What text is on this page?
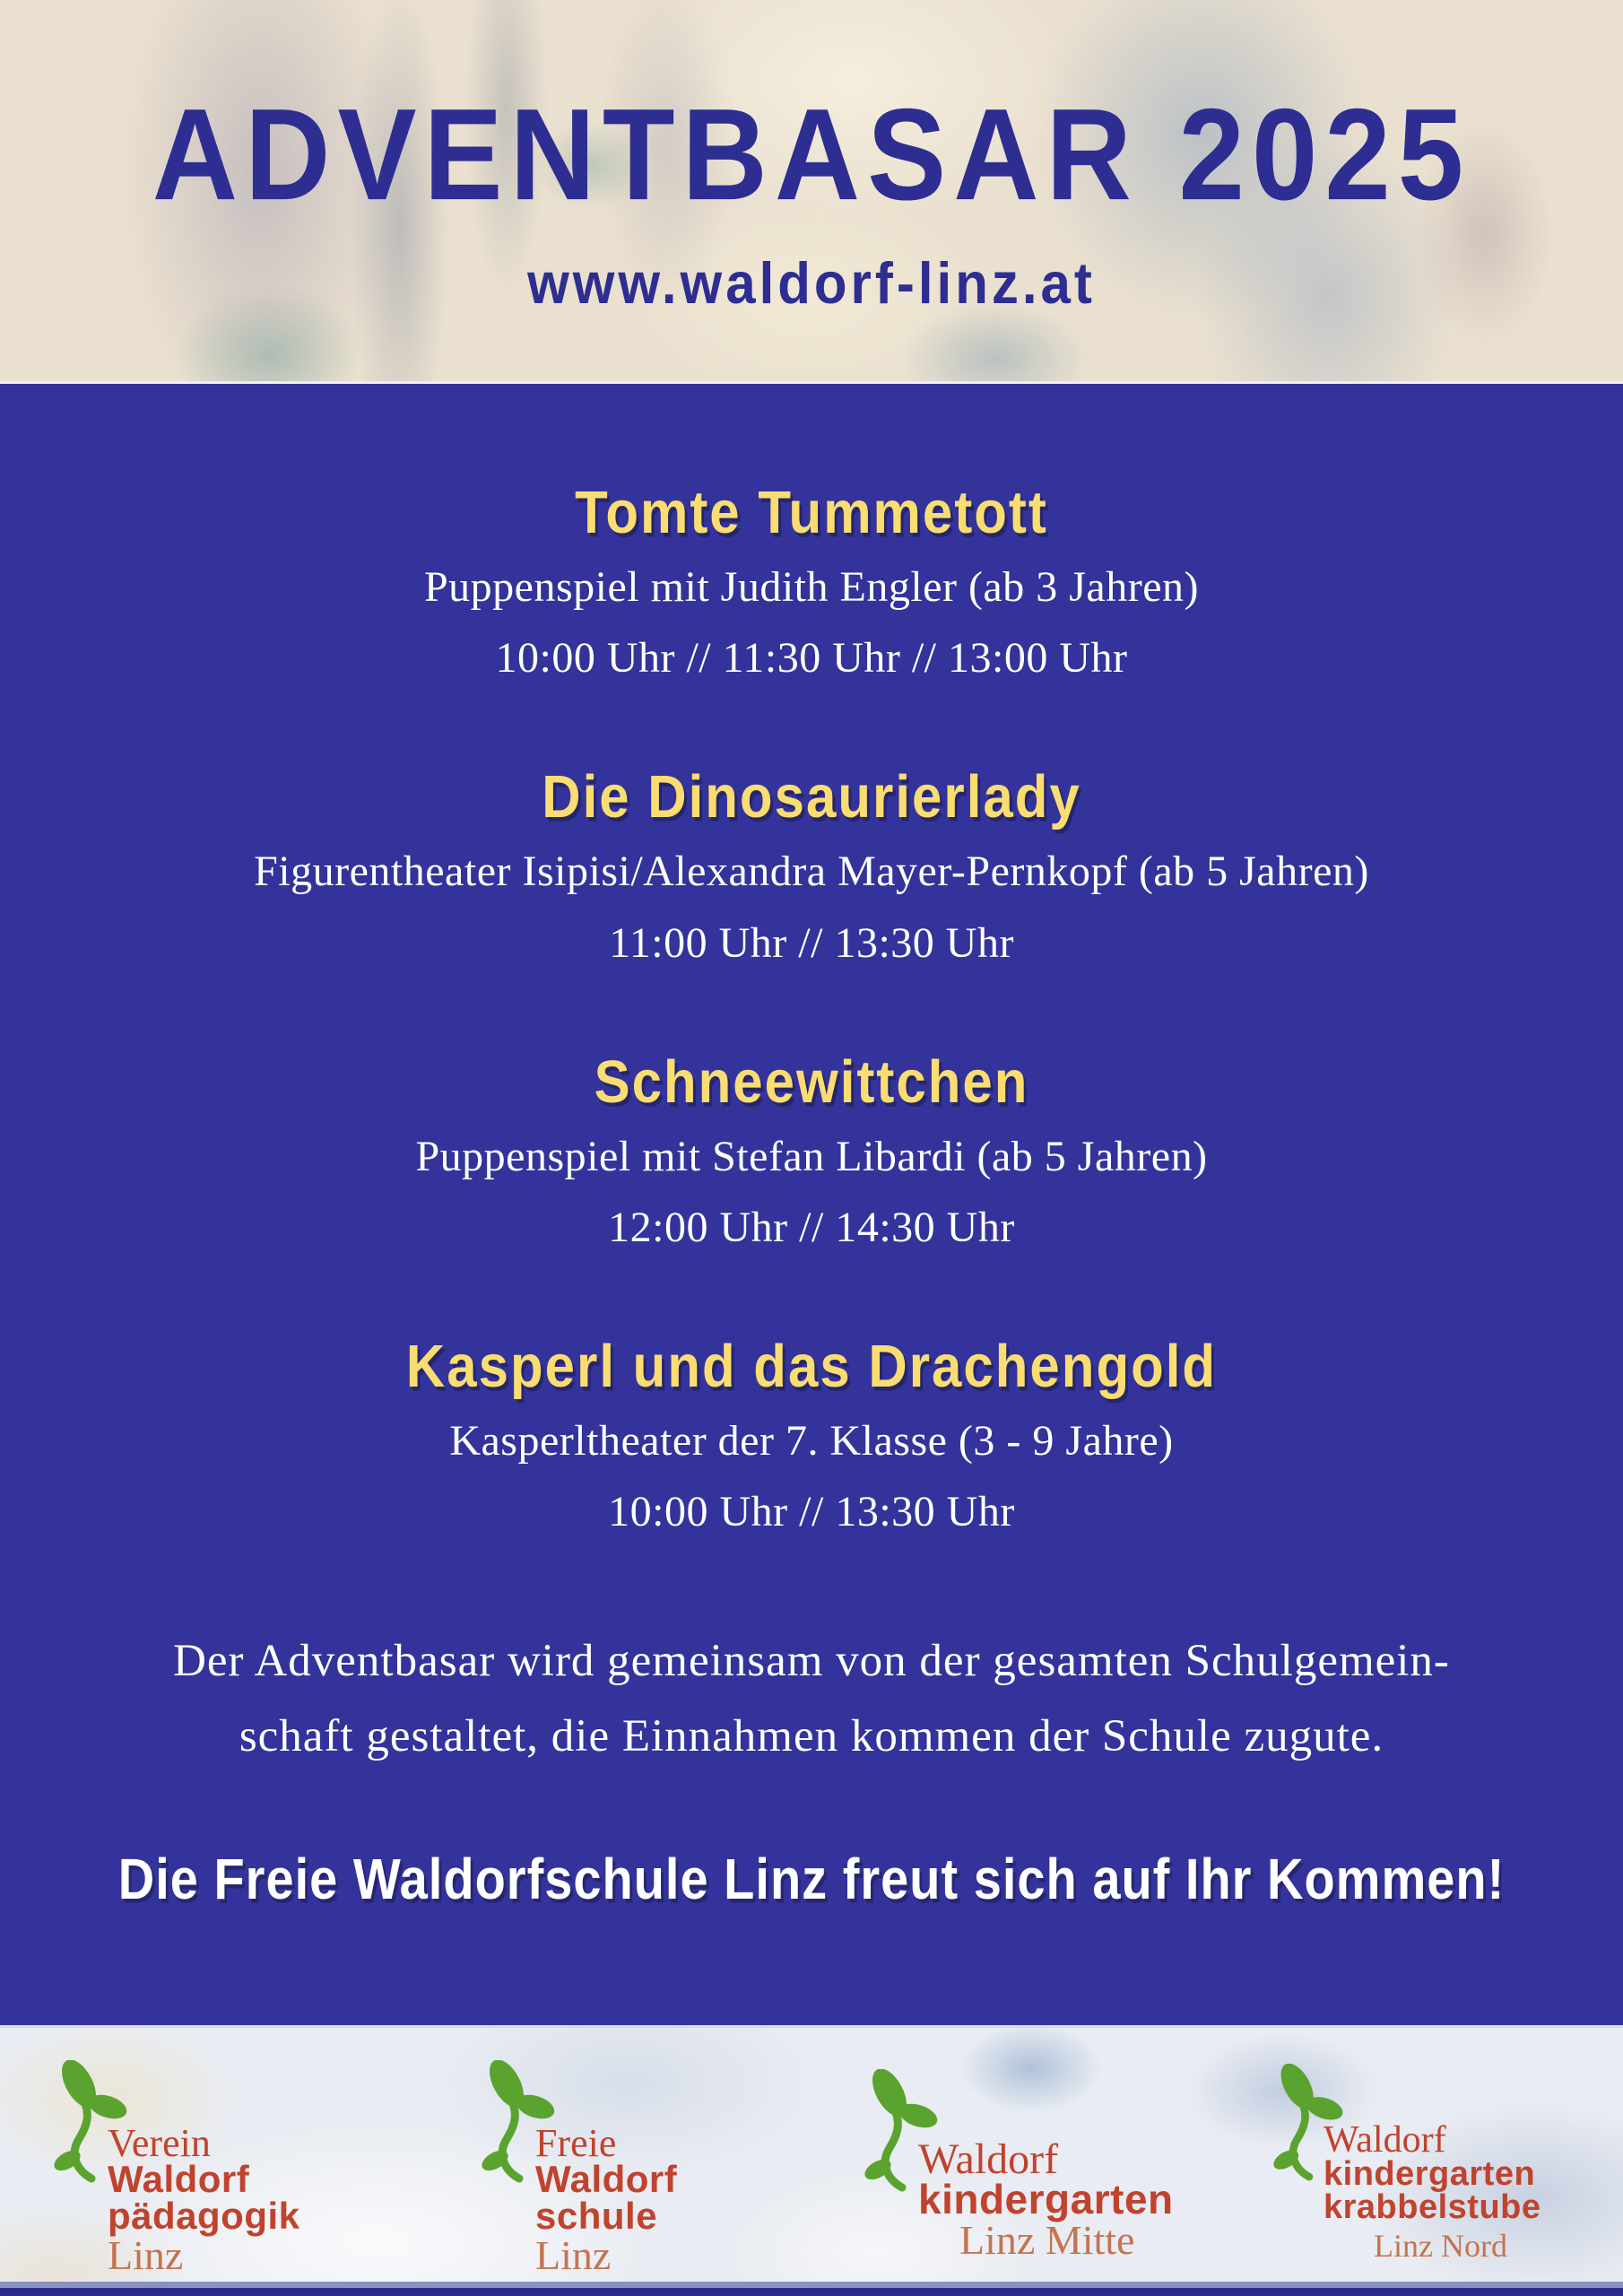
ADVENTBASAR 2025
www.waldorf-linz.at
Tomte Tummetott

Puppenspiel mit Judith Engler (ab 3 Jahren)

10:00 Uhr // 11:30 Uhr // 13:00 Uhr

Die Dinosaurierlady

Figurentheater Isipisi/Alexandra Mayer-Pernkopf (ab 5 Jahren)

11:00 Uhr // 13:30 Uhr

Schneewittchen

Puppenspiel mit Stefan Libardi (ab 5 Jahren)

12:00 Uhr // 14:30 Uhr

Kasperl und das Drachengold

Kasperltheater der 7. Klasse (3 - 9 Jahre)

10:00 Uhr // 13:30 Uhr

Der Adventbasar wird gemeinsam von der gesamten Schulgemein-
schaft gestaltet, die Einnahmen kommen der Schule zugute.

Die Freie Waldorfschule Linz freut sich auf Ihr Kommen!

Verein
Waldorf
pädagogik
Linz
Freie
Waldorf
schule
Linz
Waldorf
kindergarten
Linz Mitte
Waldorf
kindergarten
krabbelstube
Linz Nord
